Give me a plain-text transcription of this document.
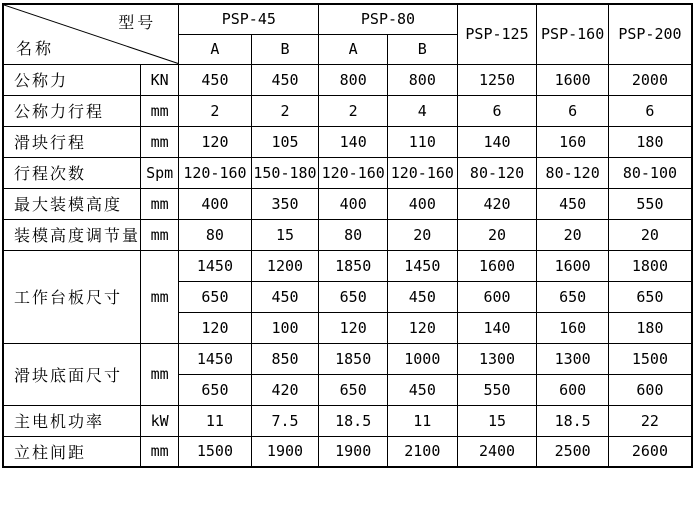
型号
名称		PSP-45		PSP-80		PSP-125	PSP-160	PSP-200
		A	B	A	B			
公称力	KN	450	450	800	800	1250	1600	2000
公称力行程	mm	2	2	2	4	6	6	6
滑块行程	mm	120	105	140	110	140	160	180
行程次数	Spm	120-160	150-180	120-160	120-160	80-120	80-120	80-100
最大装模高度	mm	400	350	400	400	420	450	550
装模高度调节量	mm	80	15	80	20	20	20	20
工作台板尺寸	mm	1450	1200	1850	1450	1600	1600	1800
		650	450	650	450	600	650	650
		120	100	120	120	140	160	180
滑块底面尺寸	mm	1450	850	1850	1000	1300	1300	1500
		650	420	650	450	550	600	600
主电机功率	kW	11	7.5	18.5	11	15	18.5	22
立柱间距	mm	1500	1900	1900	2100	2400	2500	2600
